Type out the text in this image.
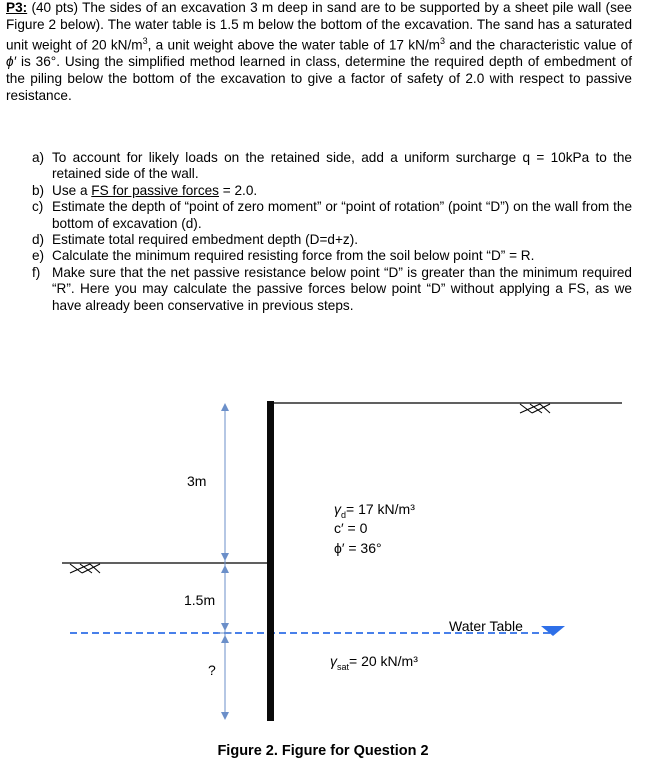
P3: (40 pts) The sides of an excavation 3 m deep in sand are to be supported by a sheet pile wall (see Figure 2 below). The water table is 1.5 m below the bottom of the excavation. The sand has a saturated unit weight of 20 $kN/m^3$, a unit weight above the water table of 17 $kN/m^3$ and the characteristic value of ϕ′ is 36°. Using the simplified method learned in class, determine the required depth of embedment of the piling below the bottom of the excavation to give a factor of safety of 2.0 with respect to passive resistance.
a) To account for likely loads on the retained side, add a uniform surcharge q = 10kPa to the retained side of the wall.
b) Use a FS for passive forces = 2.0.
c) Estimate the depth of “point of zero moment” or “point of rotation” (point “D”) on the wall from the bottom of excavation (d).
d) Estimate total required embedment depth (D=d+z).
e) Calculate the minimum required resisting force from the soil below point “D” = R.
f) Make sure that the net passive resistance below point “D” is greater than the minimum required “R”. Here you may calculate the passive forces below point “D” without applying a FS, as we have already been conservative in previous steps.
3m
1.5m
?
$\gamma_d= 17$ kN/m³
c′ = 0
ϕ′ = 36°
Water Table
$\gamma_{sat}= 20$ kN/m³
Figure 2. Figure for Question 2
